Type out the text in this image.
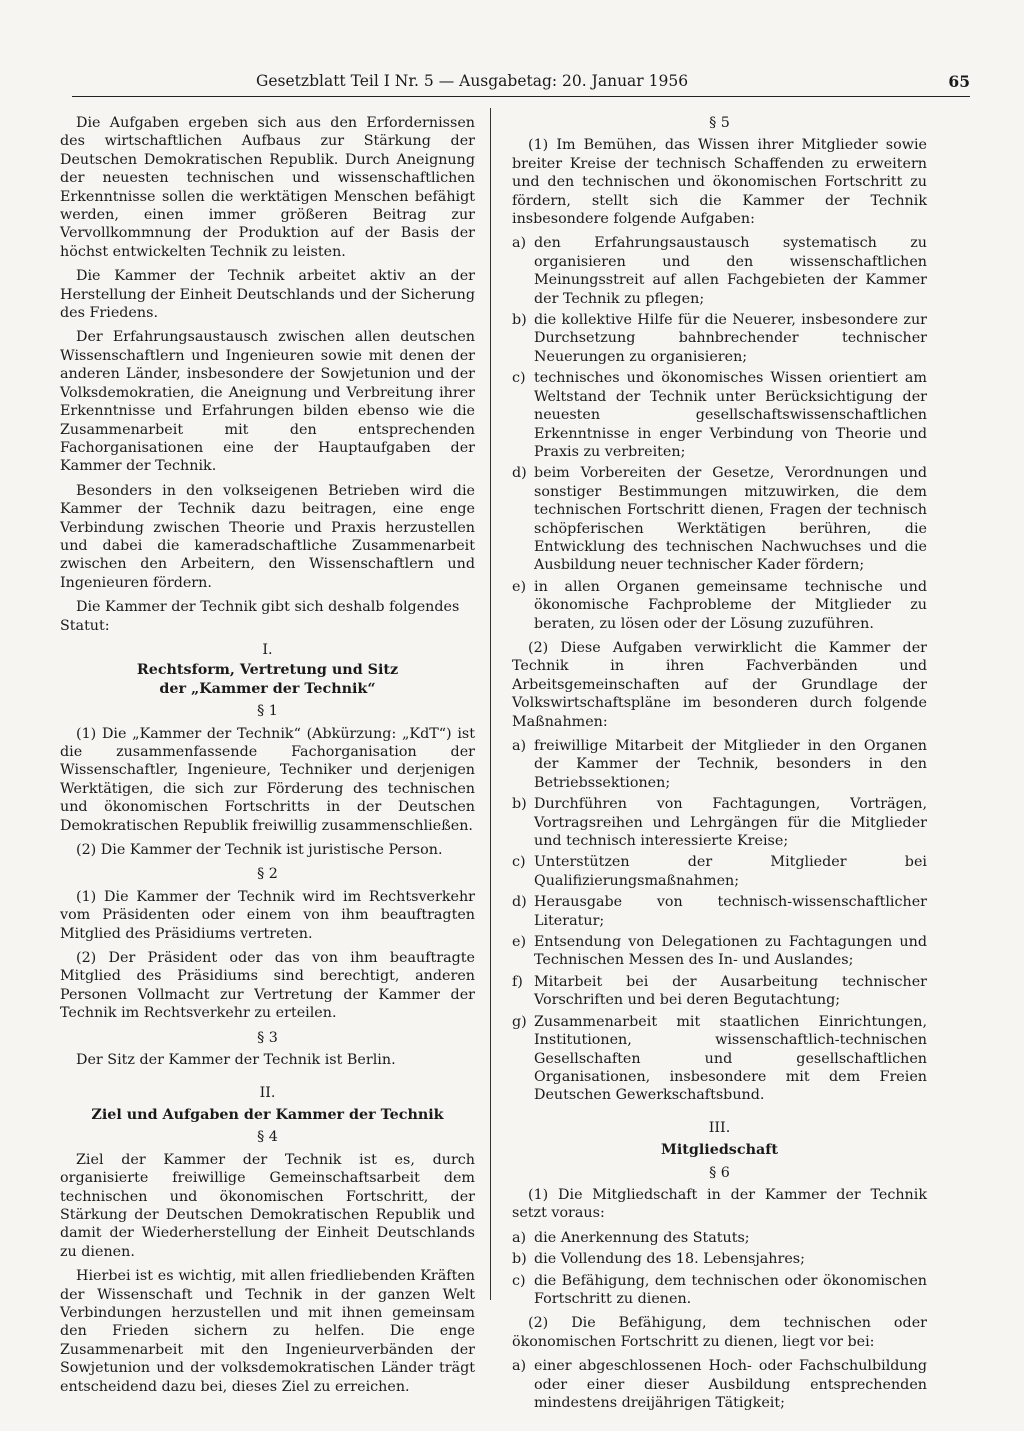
Gesetzblatt Teil I Nr. 5 — Ausgabetag: 20. Januar 1956	65

Die Aufgaben ergeben sich aus den Erfordernissen des wirtschaftlichen Aufbaus zur Stärkung der Deutschen Demokratischen Republik. Durch Aneignung der neuesten technischen und wissenschaftlichen Erkenntnisse sollen die werktätigen Menschen befähigt werden, einen immer größeren Beitrag zur Vervollkommnung der Produktion auf der Basis der höchst entwickelten Technik zu leisten.

Die Kammer der Technik arbeitet aktiv an der Herstellung der Einheit Deutschlands und der Sicherung des Friedens.

Der Erfahrungsaustausch zwischen allen deutschen Wissenschaftlern und Ingenieuren sowie mit denen der anderen Länder, insbesondere der Sowjetunion und der Volksdemokratien, die Aneignung und Verbreitung ihrer Erkenntnisse und Erfahrungen bilden ebenso wie die Zusammenarbeit mit den entsprechenden Fachorganisationen eine der Hauptaufgaben der Kammer der Technik.

Besonders in den volkseigenen Betrieben wird die Kammer der Technik dazu beitragen, eine enge Verbindung zwischen Theorie und Praxis herzustellen und dabei die kameradschaftliche Zusammenarbeit zwischen den Arbeitern, den Wissenschaftlern und Ingenieuren fördern.

Die Kammer der Technik gibt sich deshalb folgendes

Statut:

I.
Rechtsform, Vertretung und Sitz
der „Kammer der Technik“
§ 1

(1) Die „Kammer der Technik“ (Abkürzung: „KdT“) ist die zusammenfassende Fachorganisation der Wissenschaftler, Ingenieure, Techniker und derjenigen Werktätigen, die sich zur Förderung des technischen und ökonomischen Fortschritts in der Deutschen Demokratischen Republik freiwillig zusammenschließen.

(2) Die Kammer der Technik ist juristische Person.

§ 2

(1) Die Kammer der Technik wird im Rechtsverkehr vom Präsidenten oder einem von ihm beauftragten Mitglied des Präsidiums vertreten.

(2) Der Präsident oder das von ihm beauftragte Mitglied des Präsidiums sind berechtigt, anderen Personen Vollmacht zur Vertretung der Kammer der Technik im Rechtsverkehr zu erteilen.

§ 3

Der Sitz der Kammer der Technik ist Berlin.

II.
Ziel und Aufgaben der Kammer der Technik
§ 4

Ziel der Kammer der Technik ist es, durch organisierte freiwillige Gemeinschaftsarbeit dem technischen und ökonomischen Fortschritt, der Stärkung der Deutschen Demokratischen Republik und damit der Wiederherstellung der Einheit Deutschlands zu dienen.

Hierbei ist es wichtig, mit allen friedliebenden Kräften der Wissenschaft und Technik in der ganzen Welt Verbindungen herzustellen und mit ihnen gemeinsam den Frieden sichern zu helfen. Die enge Zusammenarbeit mit den Ingenieurverbänden der Sowjetunion und der volksdemokratischen Länder trägt entscheidend dazu bei, dieses Ziel zu erreichen.

§ 5

(1) Im Bemühen, das Wissen ihrer Mitglieder sowie breiter Kreise der technisch Schaffenden zu erweitern und den technischen und ökonomischen Fortschritt zu fördern, stellt sich die Kammer der Technik insbesondere folgende Aufgaben:

a) den Erfahrungsaustausch systematisch zu organisieren und den wissenschaftlichen Meinungsstreit auf allen Fachgebieten der Kammer der Technik zu pflegen;
b) die kollektive Hilfe für die Neuerer, insbesondere zur Durchsetzung bahnbrechender technischer Neuerungen zu organisieren;
c) technisches und ökonomisches Wissen orientiert am Weltstand der Technik unter Berücksichtigung der neuesten gesellschaftswissenschaftlichen Erkenntnisse in enger Verbindung von Theorie und Praxis zu verbreiten;
d) beim Vorbereiten der Gesetze, Verordnungen und sonstiger Bestimmungen mitzuwirken, die dem technischen Fortschritt dienen, Fragen der technisch schöpferischen Werktätigen berühren, die Entwicklung des technischen Nachwuchses und die Ausbildung neuer technischer Kader fördern;
e) in allen Organen gemeinsame technische und ökonomische Fachprobleme der Mitglieder zu beraten, zu lösen oder der Lösung zuzuführen.

(2) Diese Aufgaben verwirklicht die Kammer der Technik in ihren Fachverbänden und Arbeitsgemeinschaften auf der Grundlage der Volkswirtschaftspläne im besonderen durch folgende Maßnahmen:

a) freiwillige Mitarbeit der Mitglieder in den Organen der Kammer der Technik, besonders in den Betriebssektionen;
b) Durchführen von Fachtagungen, Vorträgen, Vortragsreihen und Lehrgängen für die Mitglieder und technisch interessierte Kreise;
c) Unterstützen der Mitglieder bei Qualifizierungsmaßnahmen;
d) Herausgabe von technisch-wissenschaftlicher Literatur;
e) Entsendung von Delegationen zu Fachtagungen und Technischen Messen des In- und Auslandes;
f) Mitarbeit bei der Ausarbeitung technischer Vorschriften und bei deren Begutachtung;
g) Zusammenarbeit mit staatlichen Einrichtungen, Institutionen, wissenschaftlich-technischen Gesellschaften und gesellschaftlichen Organisationen, insbesondere mit dem Freien Deutschen Gewerkschaftsbund.
III.
Mitgliedschaft
§ 6

(1) Die Mitgliedschaft in der Kammer der Technik setzt voraus:

a) die Anerkennung des Statuts;
b) die Vollendung des 18. Lebensjahres;
c) die Befähigung, dem technischen oder ökonomischen Fortschritt zu dienen.

(2) Die Befähigung, dem technischen oder ökonomischen Fortschritt zu dienen, liegt vor bei:

a) einer abgeschlossenen Hoch- oder Fachschulbildung oder einer dieser Ausbildung entsprechenden mindestens dreijährigen Tätigkeit;
